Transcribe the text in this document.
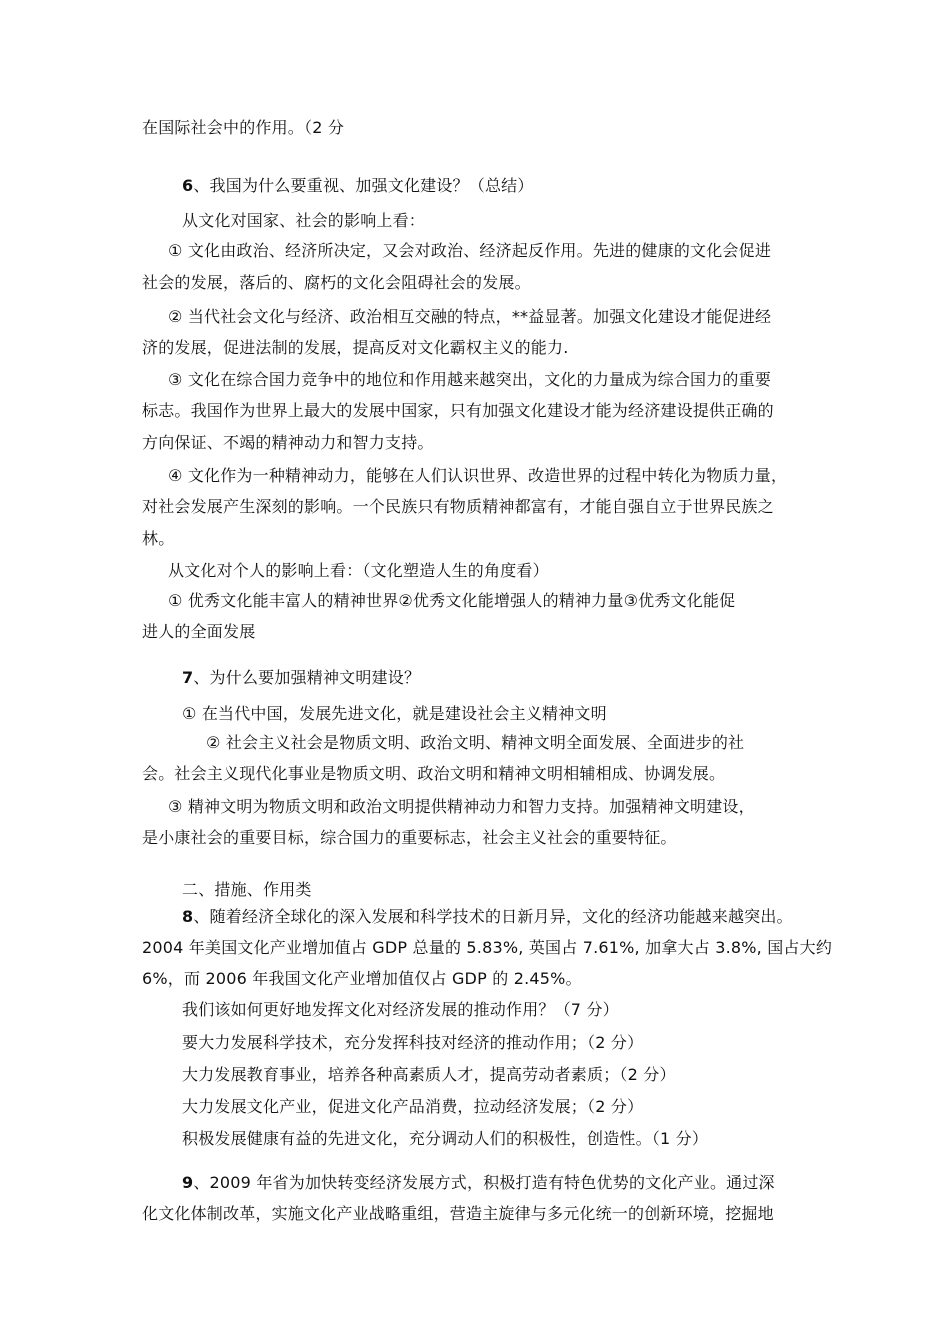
在国际社会中的作用。（2 分
6、我国为什么要重视、加强文化建设？（总结）
从文化对国家、社会的影响上看：
① 文化由政治、经济所决定，又会对政治、经济起反作用。先进的健康的文化会促进
社会的发展，落后的、腐朽的文化会阻碍社会的发展。
② 当代社会文化与经济、政治相互交融的特点，**益显著。加强文化建设才能促进经
济的发展，促进法制的发展，提高反对文化霸权主义的能力.
③ 文化在综合国力竞争中的地位和作用越来越突出，文化的力量成为综合国力的重要
标志。我国作为世界上最大的发展中国家，只有加强文化建设才能为经济建设提供正确的
方向保证、不竭的精神动力和智力支持。
④ 文化作为一种精神动力，能够在人们认识世界、改造世界的过程中转化为物质力量，
对社会发展产生深刻的影响。一个民族只有物质精神都富有，才能自强自立于世界民族之
林。
从文化对个人的影响上看：（文化塑造人生的角度看）
① 优秀文化能丰富人的精神世界②优秀文化能增强人的精神力量③优秀文化能促
进人的全面发展
7、为什么要加强精神文明建设？
① 在当代中国，发展先进文化，就是建设社会主义精神文明
② 社会主义社会是物质文明、政治文明、精神文明全面发展、全面进步的社
会。社会主义现代化事业是物质文明、政治文明和精神文明相辅相成、协调发展。
③ 精神文明为物质文明和政治文明提供精神动力和智力支持。加强精神文明建设，
是小康社会的重要目标，综合国力的重要标志，社会主义社会的重要特征。
二、措施、作用类
8、随着经济全球化的深入发展和科学技术的日新月异，文化的经济功能越来越突出。
2004 年美国文化产业增加值占 GDP 总量的 5.83%, 英国占 7.61%, 加拿大占 3.8%, 国占大约
6%，而 2006 年我国文化产业增加值仅占 GDP 的 2.45%。
我们该如何更好地发挥文化对经济发展的推动作用？（7 分）
要大力发展科学技术，充分发挥科技对经济的推动作用；（2 分）
大力发展教育事业，培养各种高素质人才，提高劳动者素质；（2 分）
大力发展文化产业，促进文化产品消费，拉动经济发展；（2 分）
积极发展健康有益的先进文化，充分调动人们的积极性，创造性。（1 分）
9、2009 年省为加快转变经济发展方式，积极打造有特色优势的文化产业。通过深
化文化体制改革，实施文化产业战略重组，营造主旋律与多元化统一的创新环境，挖掘地
